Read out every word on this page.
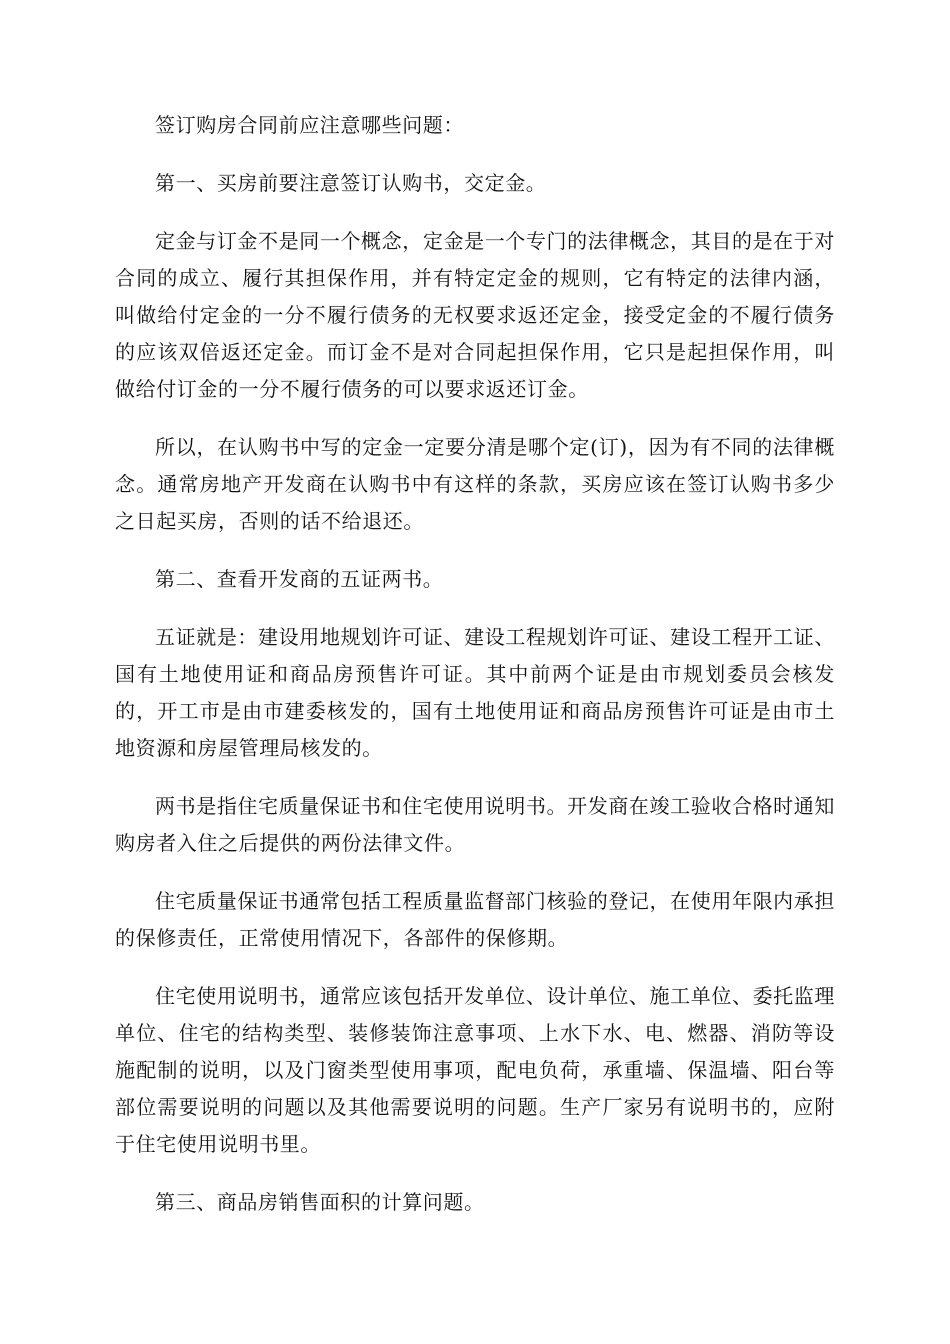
签订购房合同前应注意哪些问题：

第一、买房前要注意签订认购书，交定金。

定金与订金不是同一个概念，定金是一个专门的法律概念，其目的是在于对合同的成立、履行其担保作用，并有特定定金的规则，它有特定的法律内涵，叫做给付定金的一分不履行债务的无权要求返还定金，接受定金的不履行债务的应该双倍返还定金。而订金不是对合同起担保作用，它只是起担保作用，叫做给付订金的一分不履行债务的可以要求返还订金。

所以，在认购书中写的定金一定要分清是哪个定(订)，因为有不同的法律概念。通常房地产开发商在认购书中有这样的条款，买房应该在签订认购书多少之日起买房，否则的话不给退还。

第二、查看开发商的五证两书。

五证就是：建设用地规划许可证、建设工程规划许可证、建设工程开工证、国有土地使用证和商品房预售许可证。其中前两个证是由市规划委员会核发的，开工市是由市建委核发的，国有土地使用证和商品房预售许可证是由市土地资源和房屋管理局核发的。

两书是指住宅质量保证书和住宅使用说明书。开发商在竣工验收合格时通知购房者入住之后提供的两份法律文件。

住宅质量保证书通常包括工程质量监督部门核验的登记，在使用年限内承担的保修责任，正常使用情况下，各部件的保修期。

住宅使用说明书，通常应该包括开发单位、设计单位、施工单位、委托监理单位、住宅的结构类型、装修装饰注意事项、上水下水、电、燃器、消防等设施配制的说明，以及门窗类型使用事项，配电负荷，承重墙、保温墙、阳台等部位需要说明的问题以及其他需要说明的问题。生产厂家另有说明书的，应附于住宅使用说明书里。

第三、商品房销售面积的计算问题。
